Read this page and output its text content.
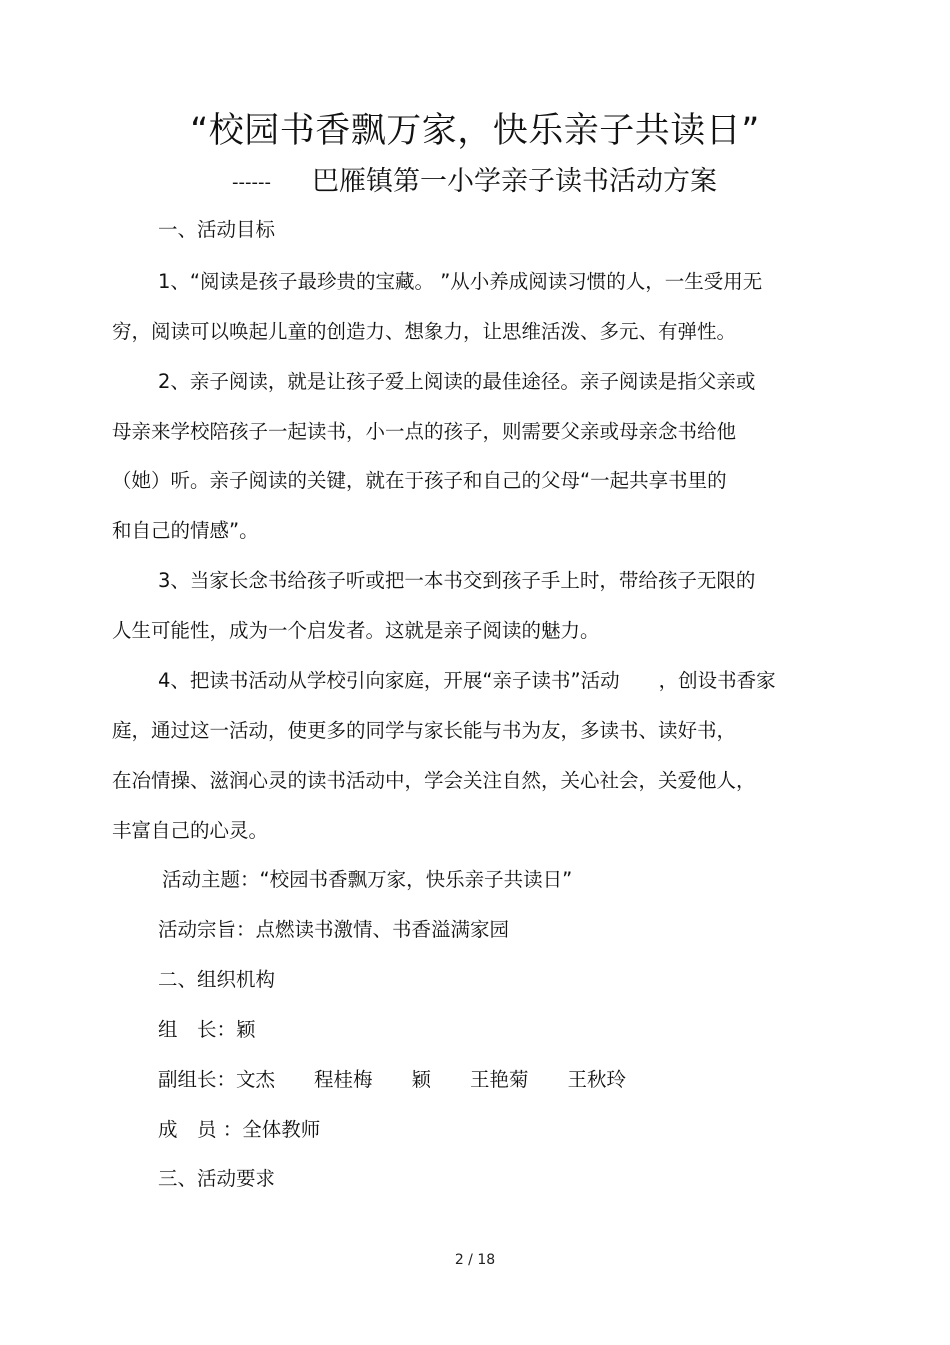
“校园书香飘万家，快乐亲子共读日”
------ 巴雁镇第一小学亲子读书活动方案
一、活动目标
1、“阅读是孩子最珍贵的宝藏。 ”从小养成阅读习惯的人，一生受用无
穷，阅读可以唤起儿童的创造力、想象力，让思维活泼、多元、有弹性。
2、亲子阅读，就是让孩子爱上阅读的最佳途径。亲子阅读是指父亲或
母亲来学校陪孩子一起读书，小一点的孩子，则需要父亲或母亲念书给他
（她）听。亲子阅读的关键，就在于孩子和自己的父母“一起共享书里的
和自己的情感”。
3、当家长念书给孩子听或把一本书交到孩子手上时，带给孩子无限的
人生可能性，成为一个启发者。这就是亲子阅读的魅力。
4、把读书活动从学校引向家庭，开展“亲子读书”活动　　，创设书香家
庭，通过这一活动，使更多的同学与家长能与书为友，多读书、读好书，
在冶情操、滋润心灵的读书活动中，学会关注自然，关心社会，关爱他人，
丰富自己的心灵。
活动主题：“校园书香飘万家，快乐亲子共读日”
活动宗旨：点燃读书激情、书香溢满家园
二、组织机构
组　长：颖
副组长：文杰　　程桂梅　　颖　　王艳菊　　王秋玲
成　员 ：全体教师
三、活动要求
2 / 18
